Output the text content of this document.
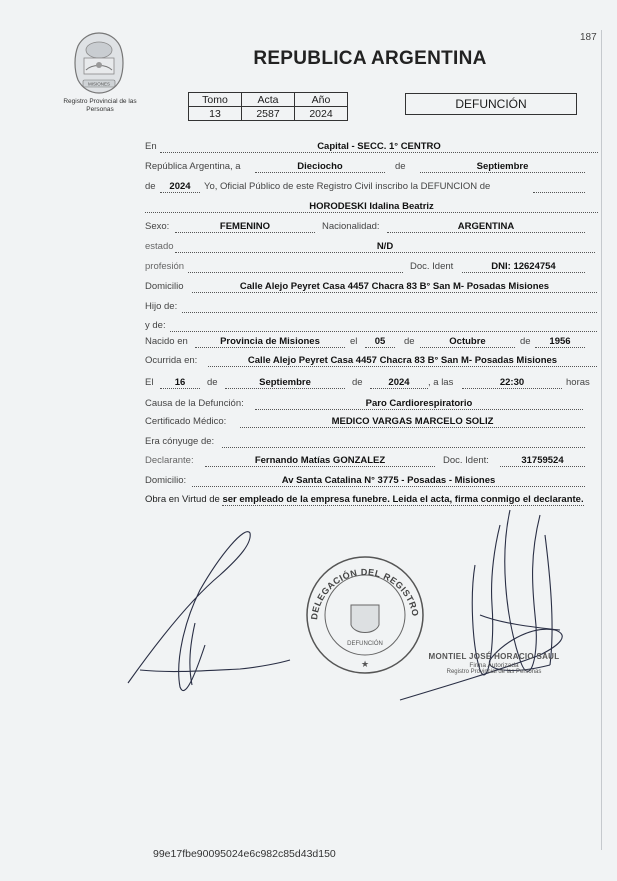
187
MISIONES
Registro Provincial de las Personas
REPUBLICA ARGENTINA
Tomo	Acta	Año
13	2587	2024
DEFUNCIÓN
En	Capital - SECC. 1° CENTRO
República Argentina, a	Dieciocho	de	Septiembre
de	2024	Yo, Oficial Público de este Registro Civil inscribo la DEFUNCION de
HORODESKI Idalina Beatriz
Sexo:	FEMENINO	Nacionalidad:	ARGENTINA
estado	N/D
profesión	Doc. Ident	DNI: 12624754
Domicilio	Calle Alejo Peyret Casa 4457 Chacra 83 B° San M- Posadas Misiones
Hijo de:
y de:
Nacido en	Provincia de Misiones	el	05	de	Octubre	de	1956
Ocurrida en:	Calle Alejo Peyret Casa 4457 Chacra 83 B° San M- Posadas Misiones
El	16	de	Septiembre	de	2024	, a las	22:30	horas
Causa de la Defunción:	Paro Cardiorespiratorio
Certificado Médico:	MEDICO VARGAS MARCELO SOLIZ
Era cónyuge de:
Declarante:	Fernando Matías GONZALEZ	Doc. Ident:	31759524
Domicilio:	Av Santa Catalina N° 3775 - Posadas - Misiones
Obra en Virtud de ser empleado de la empresa funebre. Leida el acta, firma conmigo el declarante.
DELEGACIÓN DEL REGISTRO
DEFUNCIÓN
★
MONTIEL JOSÉ HORACIO SAUL
Firma Autorizada
Registro Provincial de las Personas
99e17fbe90095024e6c982c85d43d150
